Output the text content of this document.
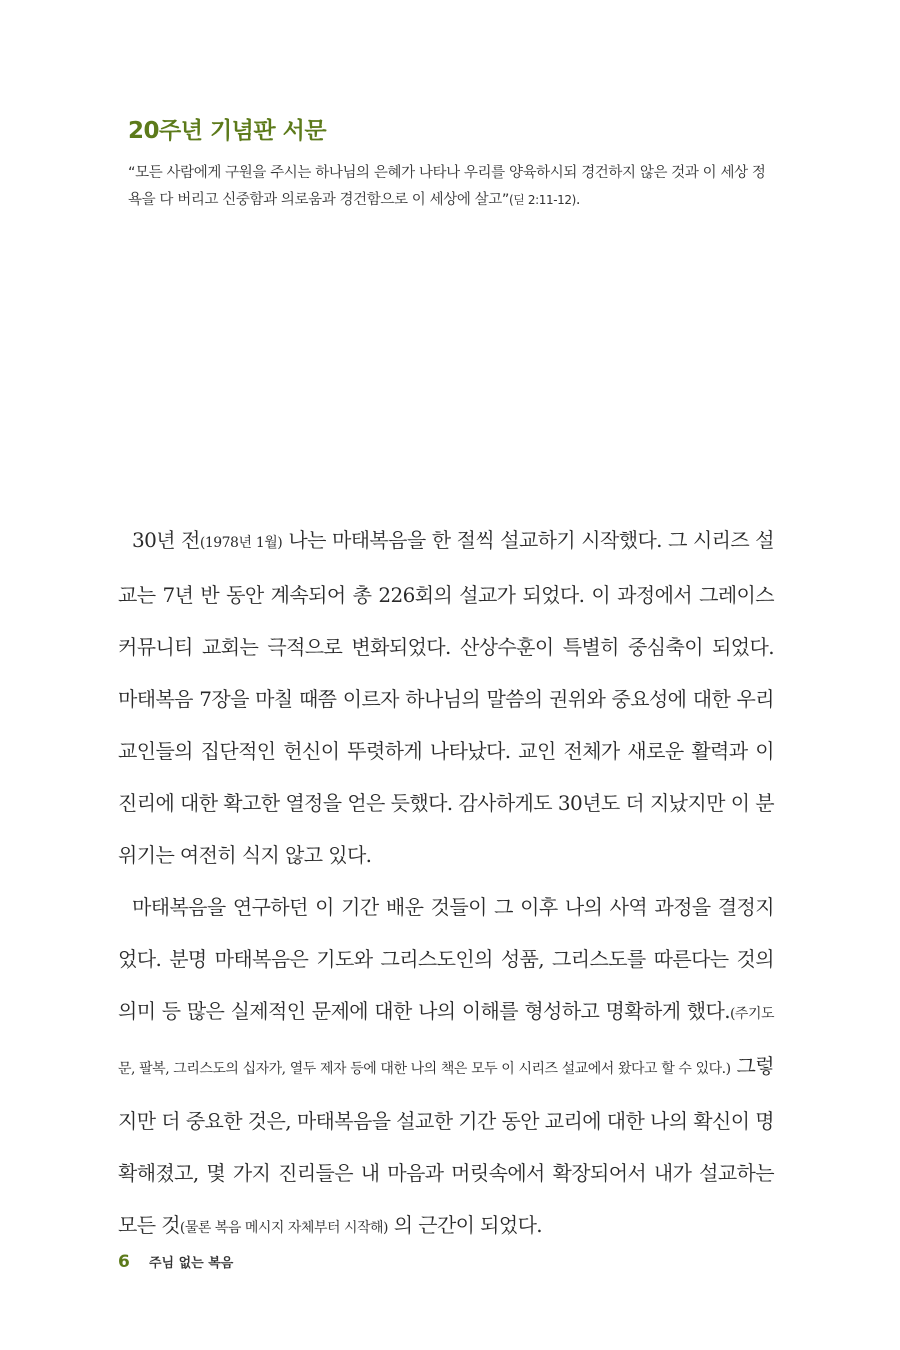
20주년 기념판 서문

“모든 사람에게 구원을 주시는 하나님의 은혜가 나타나 우리를 양육하시되 경건하지 않은 것과 이 세상 정욕을 다 버리고 신중함과 의로움과 경건함으로 이 세상에 살고”(딛 2:11-12).

30년 전(1978년 1월) 나는 마태복음을 한 절씩 설교하기 시작했다. 그 시리즈 설교는 7년 반 동안 계속되어 총 226회의 설교가 되었다. 이 과정에서 그레이스 커뮤니티 교회는 극적으로 변화되었다. 산상수훈이 특별히 중심축이 되었다. 마태복음 7장을 마칠 때쯤 이르자 하나님의 말씀의 권위와 중요성에 대한 우리 교인들의 집단적인 헌신이 뚜렷하게 나타났다. 교인 전체가 새로운 활력과 이 진리에 대한 확고한 열정을 얻은 듯했다. 감사하게도 30년도 더 지났지만 이 분위기는 여전히 식지 않고 있다.

마태복음을 연구하던 이 기간 배운 것들이 그 이후 나의 사역 과정을 결정지었다. 분명 마태복음은 기도와 그리스도인의 성품, 그리스도를 따른다는 것의 의미 등 많은 실제적인 문제에 대한 나의 이해를 형성하고 명확하게 했다.(주기도문, 팔복, 그리스도의 십자가, 열두 제자 등에 대한 나의 책은 모두 이 시리즈 설교에서 왔다고 할 수 있다.) 그렇지만 더 중요한 것은, 마태복음을 설교한 기간 동안 교리에 대한 나의 확신이 명확해졌고, 몇 가지 진리들은 내 마음과 머릿속에서 확장되어서 내가 설교하는 모든 것(물론 복음 메시지 자체부터 시작해) 의 근간이 되었다.

6 주님 없는 복음
